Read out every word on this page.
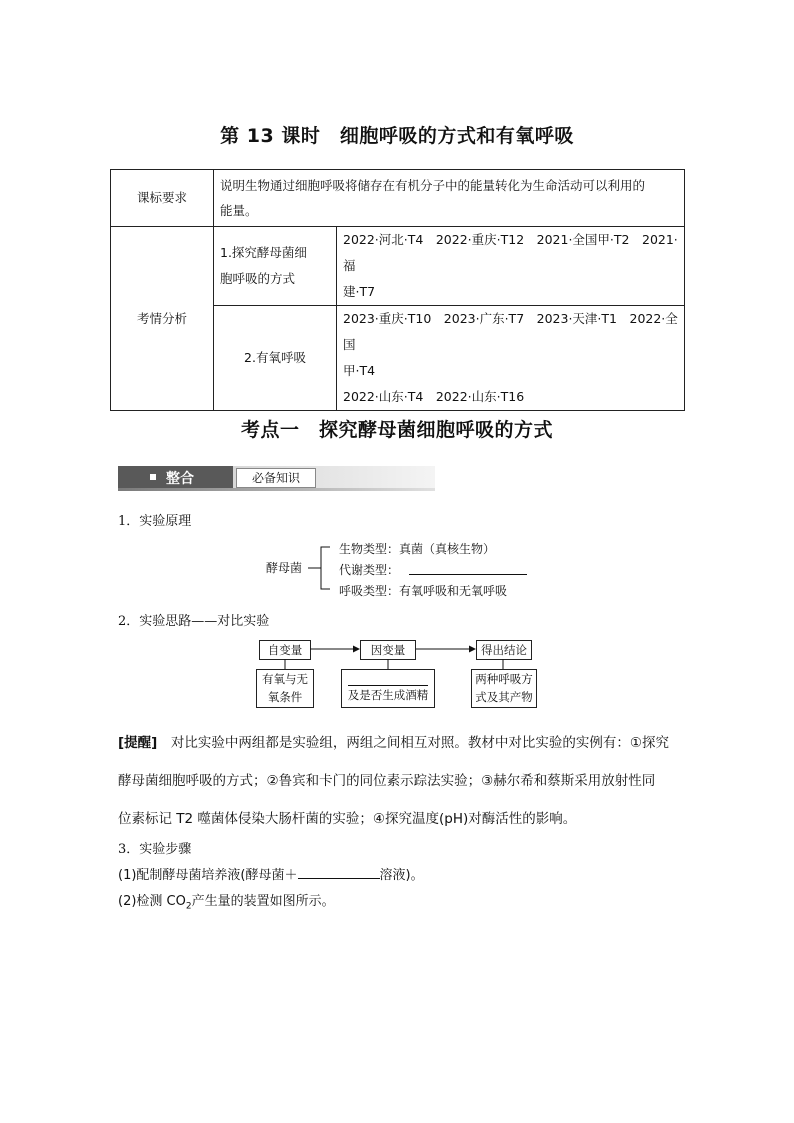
第 13 课时　细胞呼吸的方式和有氧呼吸
课标要求	说明生物通过细胞呼吸将储存在有机分子中的能量转化为生命活动可以利用的
能量。	
考情分析	1.探究酵母菌细
胞呼吸的方式	2022·河北·T4　2022·重庆·T12　2021·全国甲·T2　2021·福
建·T7
	2.有氧呼吸	2023·重庆·T10　2023·广东·T7　2023·天津·T1　2022·全国
甲·T4
2022·山东·T4　2022·山东·T16
考点一　探究酵母菌细胞呼吸的方式
整合	必备知识
1．实验原理
酵母菌
生物类型：真菌（真核生物）
代谢类型：
呼吸类型：有氧呼吸和无氧呼吸
2．实验思路——对比实验
自变量	因变量	得出结论
有氧与无
氧条件	及是否生成酒精
两种呼吸方
式及其产物
[提醒]　对比实验中两组都是实验组，两组之间相互对照。教材中对比实验的实例有：①探究
酵母菌细胞呼吸的方式；②鲁宾和卡门的同位素示踪法实验；③赫尔希和蔡斯采用放射性同
位素标记 T2 噬菌体侵染大肠杆菌的实验；④探究温度(pH)对酶活性的影响。
3．实验步骤
(1)配制酵母菌培养液(酵母菌＋	溶液)。
(2)检测 $CO_2$产生量的装置如图所示。
